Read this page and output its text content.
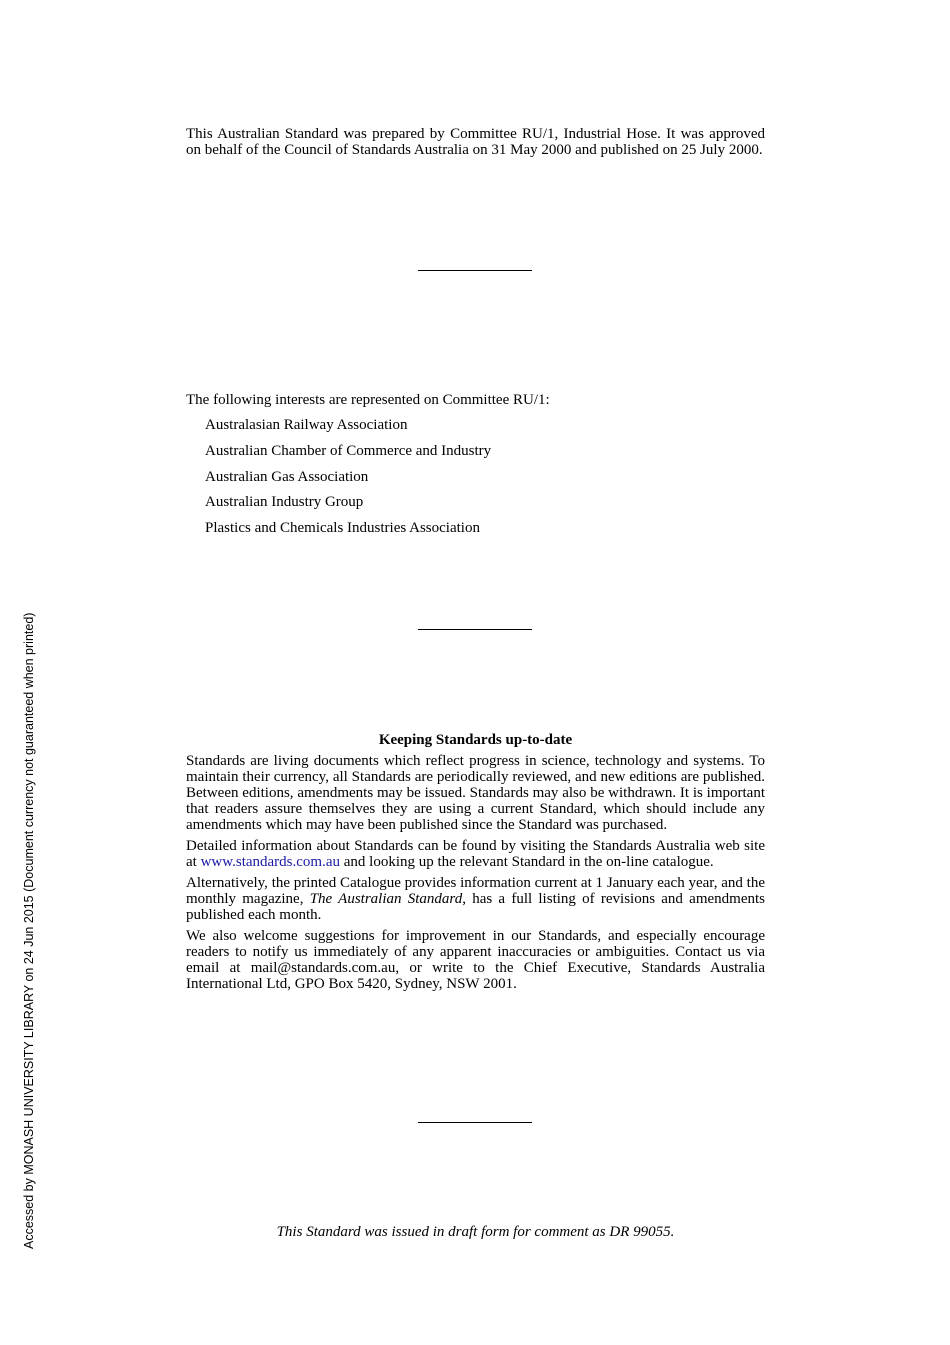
This Australian Standard was prepared by Committee RU/1, Industrial Hose. It was approved on behalf of the Council of Standards Australia on 31 May 2000 and published on 25 July 2000.
The following interests are represented on Committee RU/1:
Australasian Railway Association
Australian Chamber of Commerce and Industry
Australian Gas Association
Australian Industry Group
Plastics and Chemicals Industries Association
Keeping Standards up-to-date

Standards are living documents which reflect progress in science, technology and systems. To maintain their currency, all Standards are periodically reviewed, and new editions are published. Between editions, amendments may be issued. Standards may also be withdrawn. It is important that readers assure themselves they are using a current Standard, which should include any amendments which may have been published since the Standard was purchased.

Detailed information about Standards can be found by visiting the Standards Australia web site at www.standards.com.au and looking up the relevant Standard in the on-line catalogue.

Alternatively, the printed Catalogue provides information current at 1 January each year, and the monthly magazine, The Australian Standard, has a full listing of revisions and amendments published each month.

We also welcome suggestions for improvement in our Standards, and especially encourage readers to notify us immediately of any apparent inaccuracies or ambiguities. Contact us via email at mail@standards.com.au, or write to the Chief Executive, Standards Australia International Ltd, GPO Box 5420, Sydney, NSW 2001.

This Standard was issued in draft form for comment as DR 99055.
Accessed by MONASH UNIVERSITY LIBRARY on 24 Jun 2015 (Document currency not guaranteed when printed)
